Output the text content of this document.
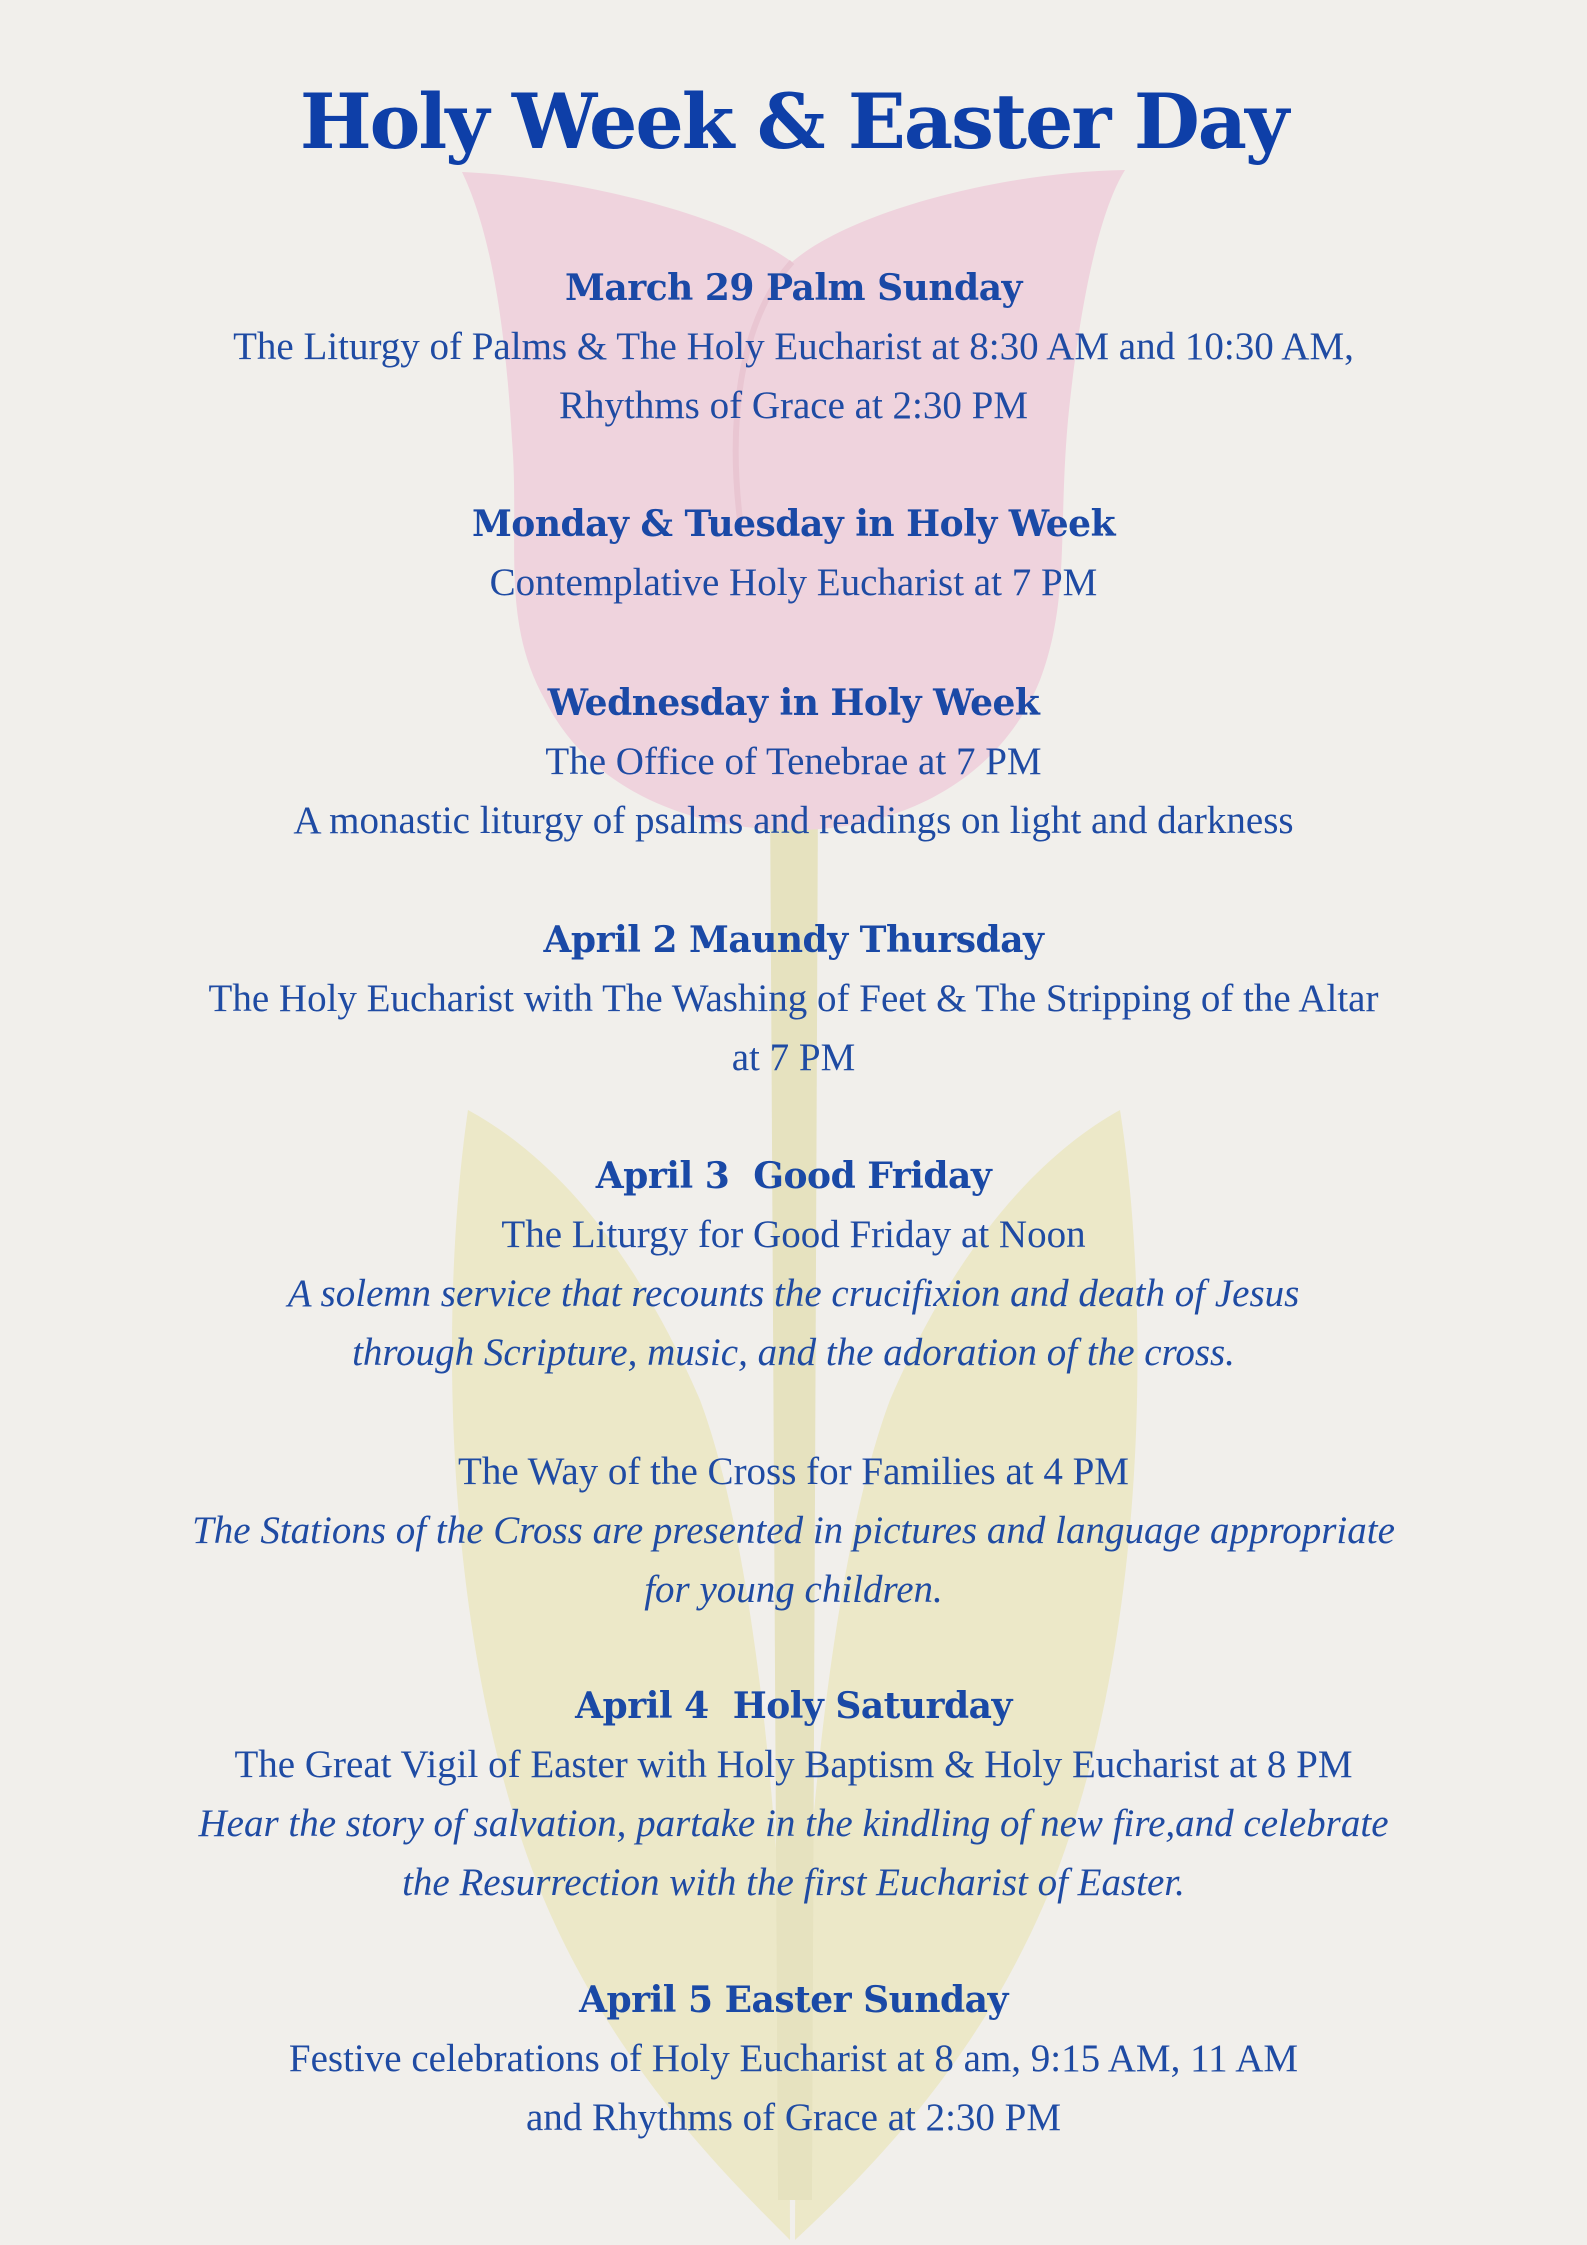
Holy Week & Easter Day
March 29 Palm Sunday
The Liturgy of Palms & The Holy Eucharist at 8:30 AM and 10:30 AM,
Rhythms of Grace at 2:30 PM
Monday & Tuesday in Holy Week
Contemplative Holy Eucharist at 7 PM
Wednesday in Holy Week
The Office of Tenebrae at 7 PM
A monastic liturgy of psalms and readings on light and darkness
April 2 Maundy Thursday
The Holy Eucharist with The Washing of Feet & The Stripping of the Altar
at 7 PM
April 3  Good Friday
The Liturgy for Good Friday at Noon
A solemn service that recounts the crucifixion and death of Jesus
through Scripture, music, and the adoration of the cross.
The Way of the Cross for Families at 4 PM
The Stations of the Cross are presented in pictures and language appropriate
for young children.
April 4  Holy Saturday
The Great Vigil of Easter with Holy Baptism & Holy Eucharist at 8 PM
Hear the story of salvation, partake in the kindling of new fire,and celebrate
the Resurrection with the first Eucharist of Easter.
April 5 Easter Sunday
Festive celebrations of Holy Eucharist at 8 am, 9:15 AM, 11 AM
and Rhythms of Grace at 2:30 PM
